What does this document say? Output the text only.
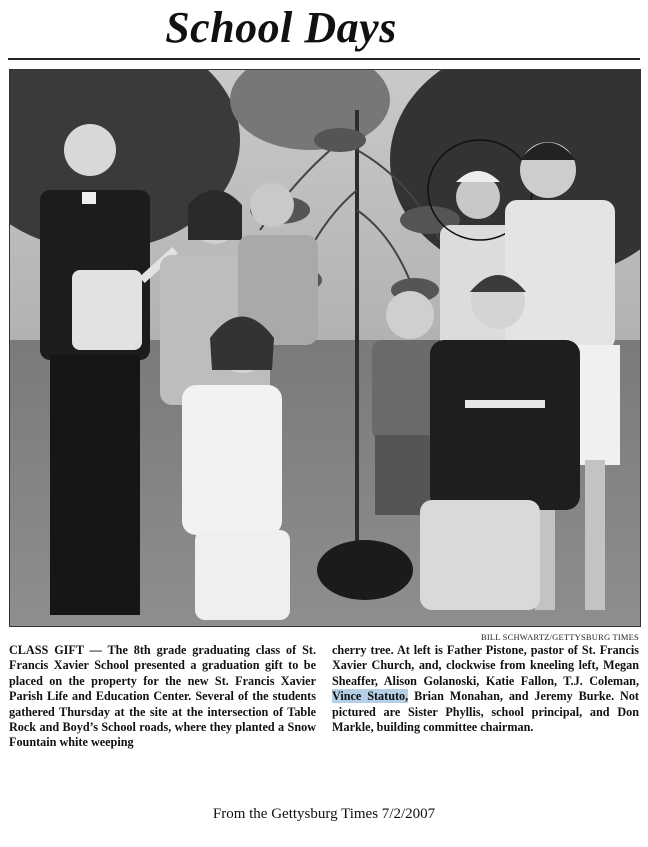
School Days
BILL SCHWARTZ/GETTYSBURG TIMES
CLASS GIFT — The 8th grade graduating class of St. Francis Xavier School presented a graduation gift to be placed on the property for the new St. Francis Xavier Parish Life and Education Center. Several of the students gathered Thursday at the site at the intersection of Table Rock and Boyd’s School roads, where they planted a Snow Fountain white weeping
cherry tree. At left is Father Pistone, pastor of St. Francis Xavier Church, and, clockwise from kneeling left, Megan Sheaffer, Alison Golanoski, Katie Fallon, T.J. Coleman, Vince Statuto, Brian Monahan, and Jeremy Burke. Not pictured are Sister Phyllis, school principal, and Don Markle, building committee chairman.
From the Gettysburg Times 7/2/2007
